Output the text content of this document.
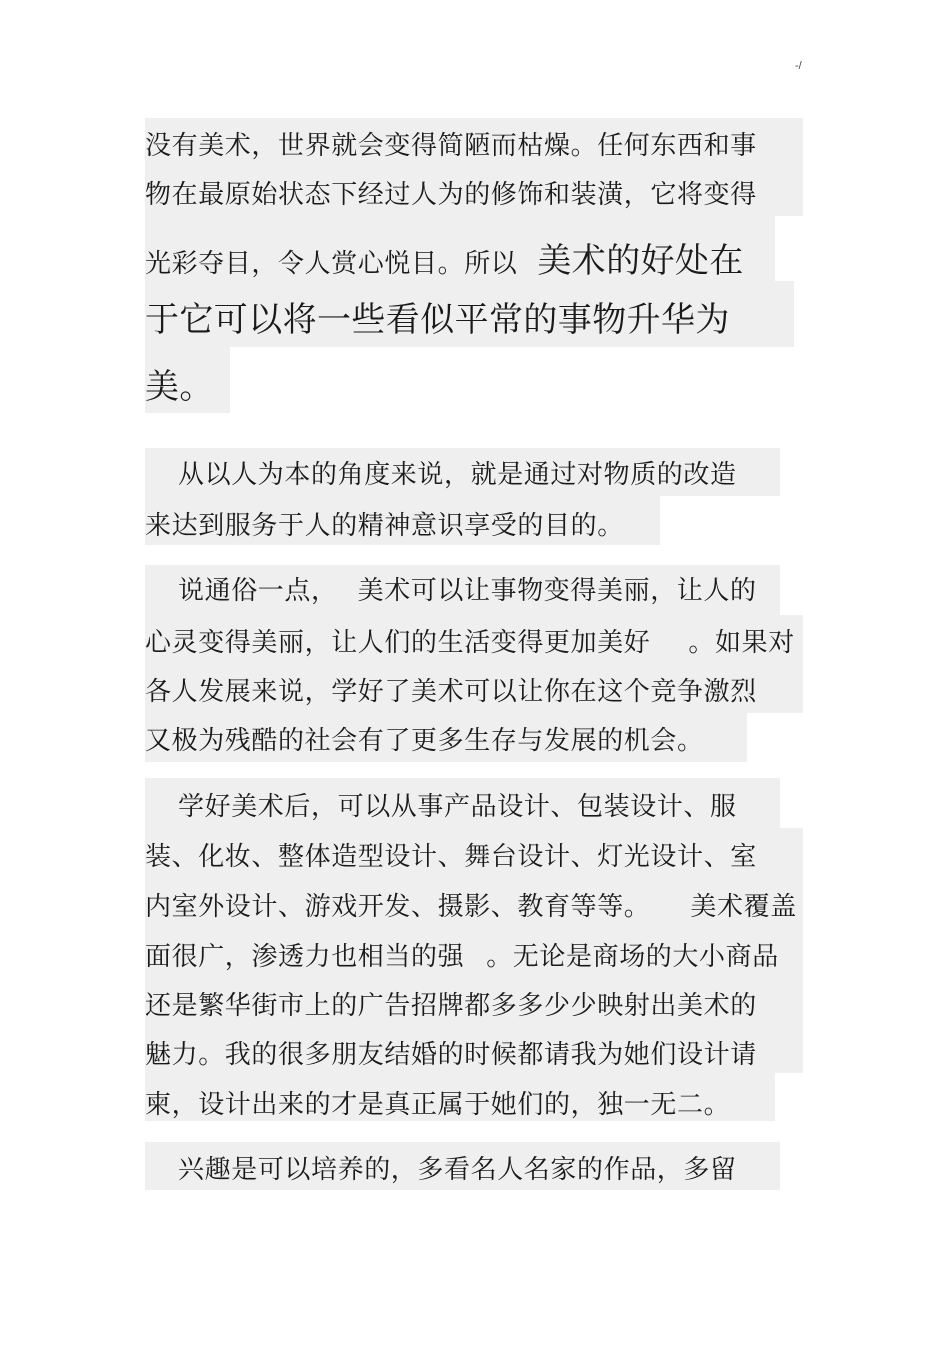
-/
没有美术，世界就会变得简陋而枯燥。任何东西和事
物在最原始状态下经过人为的修饰和装潢，它将变得
光彩夺目，令人赏心悦目。所以 美术的好处在
于它可以将一些看似平常的事物升华为
美。
从以人为本的角度来说，就是通过对物质的改造
来达到服务于人的精神意识享受的目的。
说通俗一点， 美术可以让事物变得美丽，让人的
心灵变得美丽，让人们的生活变得更加美好 。如果对
各人发展来说，学好了美术可以让你在这个竞争激烈
又极为残酷的社会有了更多生存与发展的机会。
学好美术后，可以从事产品设计、包装设计、服
装、化妆、整体造型设计、舞台设计、灯光设计、室
内室外设计、游戏开发、摄影、教育等等。 美术覆盖
面很广，渗透力也相当的强 。无论是商场的大小商品
还是繁华街市上的广告招牌都多多少少映射出美术的
魅力。我的很多朋友结婚的时候都请我为她们设计请
柬，设计出来的才是真正属于她们的，独一无二。
兴趣是可以培养的，多看名人名家的作品，多留
